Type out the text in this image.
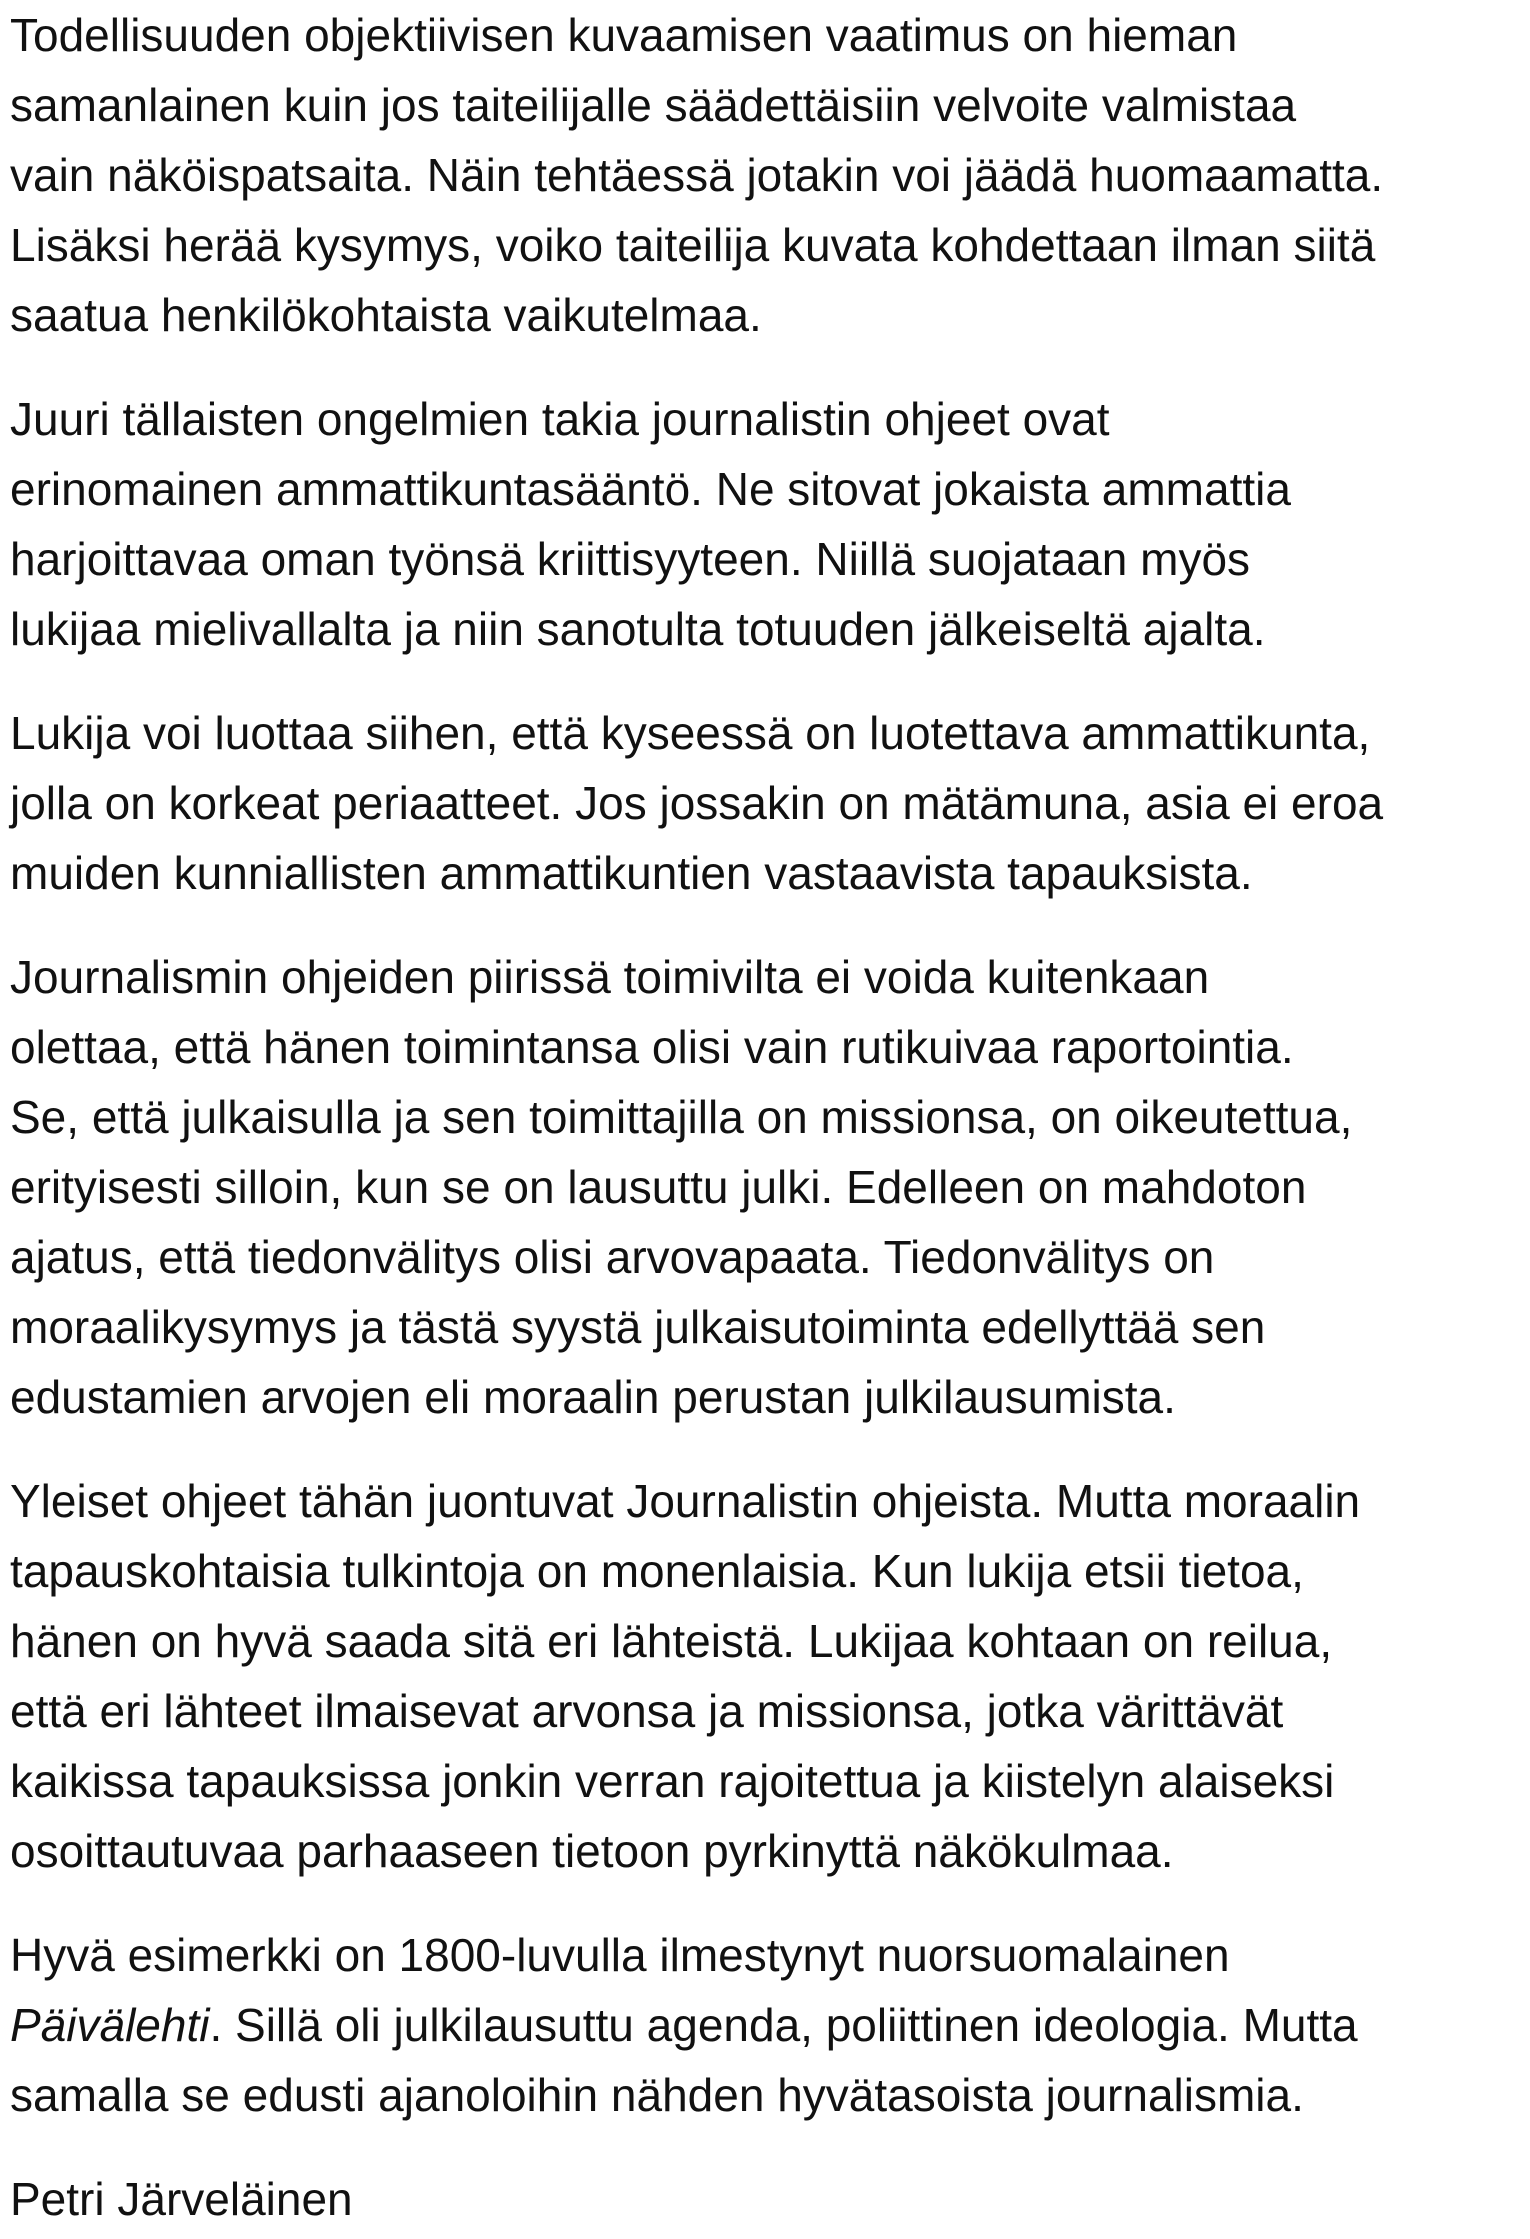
Todellisuuden objektiivisen kuvaamisen vaatimus on hieman
samanlainen kuin jos taiteilijalle säädettäisiin velvoite valmistaa
vain näköispatsaita. Näin tehtäessä jotakin voi jäädä huomaamatta.
Lisäksi herää kysymys, voiko taiteilija kuvata kohdettaan ilman siitä
saatua henkilökohtaista vaikutelmaa.

Juuri tällaisten ongelmien takia journalistin ohjeet ovat
erinomainen ammattikuntasääntö. Ne sitovat jokaista ammattia
harjoittavaa oman työnsä kriittisyyteen. Niillä suojataan myös
lukijaa mielivallalta ja niin sanotulta totuuden jälkeiseltä ajalta.

Lukija voi luottaa siihen, että kyseessä on luotettava ammattikunta,
jolla on korkeat periaatteet. Jos jossakin on mätämuna, asia ei eroa
muiden kunniallisten ammattikuntien vastaavista tapauksista.

Journalismin ohjeiden piirissä toimivilta ei voida kuitenkaan
olettaa, että hänen toimintansa olisi vain rutikuivaa raportointia.
Se, että julkaisulla ja sen toimittajilla on missionsa, on oikeutettua,
erityisesti silloin, kun se on lausuttu julki. Edelleen on mahdoton
ajatus, että tiedonvälitys olisi arvovapaata. Tiedonvälitys on
moraalikysymys ja tästä syystä julkaisutoiminta edellyttää sen
edustamien arvojen eli moraalin perustan julkilausumista.

Yleiset ohjeet tähän juontuvat Journalistin ohjeista. Mutta moraalin
tapauskohtaisia tulkintoja on monenlaisia. Kun lukija etsii tietoa,
hänen on hyvä saada sitä eri lähteistä. Lukijaa kohtaan on reilua,
että eri lähteet ilmaisevat arvonsa ja missionsa, jotka värittävät
kaikissa tapauksissa jonkin verran rajoitettua ja kiistelyn alaiseksi
osoittautuvaa parhaaseen tietoon pyrkinyttä näkökulmaa.

Hyvä esimerkki on 1800-luvulla ilmestynyt nuorsuomalainen
Päivälehti. Sillä oli julkilausuttu agenda, poliittinen ideologia. Mutta
samalla se edusti ajanoloihin nähden hyvätasoista journalismia.

Petri Järveläinen
